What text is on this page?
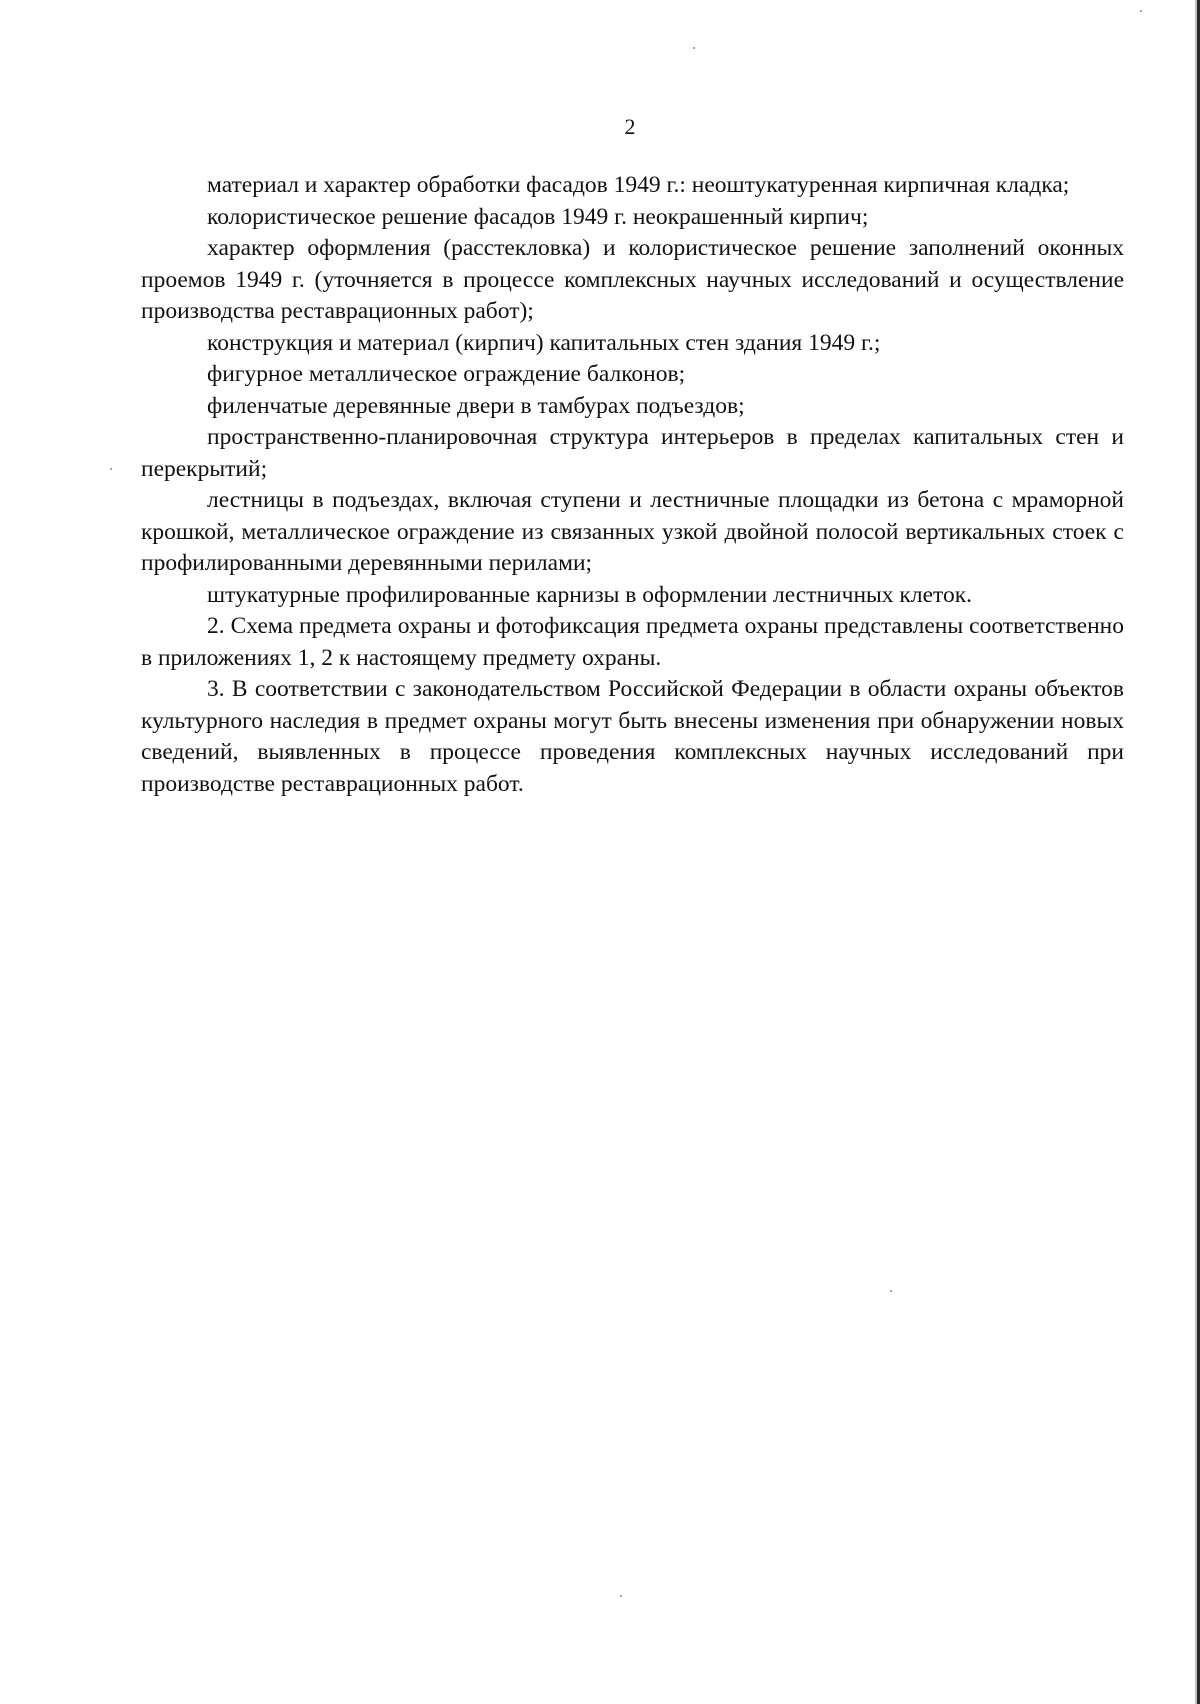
2

материал и характер обработки фасадов 1949 г.: неоштукатуренная кирпичная кладка;

колористическое решение фасадов 1949 г. неокрашенный кирпич;

характер оформления (расстекловка) и колористическое решение заполнений оконных проемов 1949 г. (уточняется в процессе комплексных научных исследований и осуществление производства реставрационных работ);

конструкция и материал (кирпич) капитальных стен здания 1949 г.;

фигурное металлическое ограждение балконов;

филенчатые деревянные двери в тамбурах подъездов;

пространственно-планировочная структура интерьеров в пределах капитальных стен и перекрытий;

лестницы в подъездах, включая ступени и лестничные площадки из бетона с мраморной крошкой, металлическое ограждение из связанных узкой двойной полосой вертикальных стоек с профилированными деревянными перилами;

штукатурные профилированные карнизы в оформлении лестничных клеток.

2. Схема предмета охраны и фотофиксация предмета охраны представлены соответственно в приложениях 1, 2 к настоящему предмету охраны.

3. В соответствии с законодательством Российской Федерации в области охраны объектов культурного наследия в предмет охраны могут быть внесены изменения при обнаружении новых сведений, выявленных в процессе проведения комплексных научных исследований при производстве реставрационных работ.
